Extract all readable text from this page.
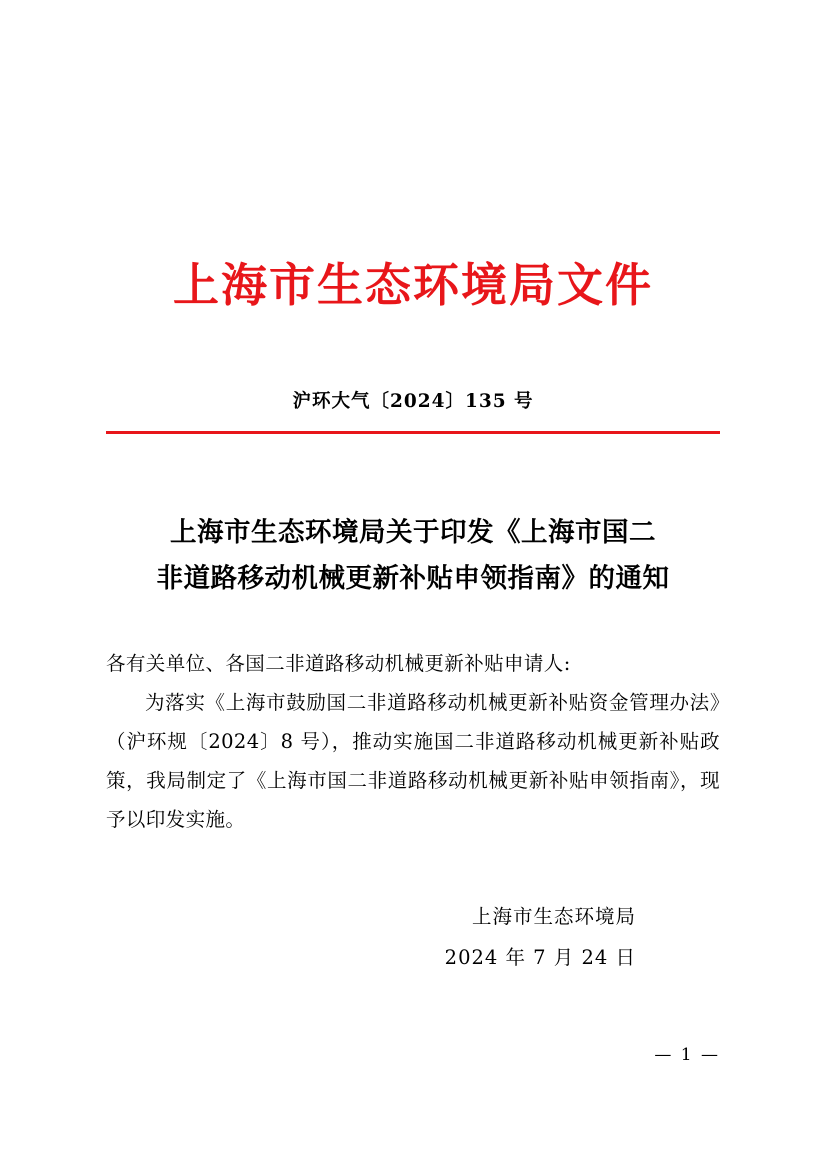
上海市生态环境局文件
沪环大气〔2024〕135 号
上海市生态环境局关于印发《上海市国二
非道路移动机械更新补贴申领指南》的通知

各有关单位、各国二非道路移动机械更新补贴申请人:

为落实《上海市鼓励国二非道路移动机械更新补贴资金管理办法》（沪环规〔2024〕8 号），推动实施国二非道路移动机械更新补贴政策，我局制定了《上海市国二非道路移动机械更新补贴申领指南》，现予以印发实施。

上海市生态环境局
2024 年 7 月 24 日
— 1 —
